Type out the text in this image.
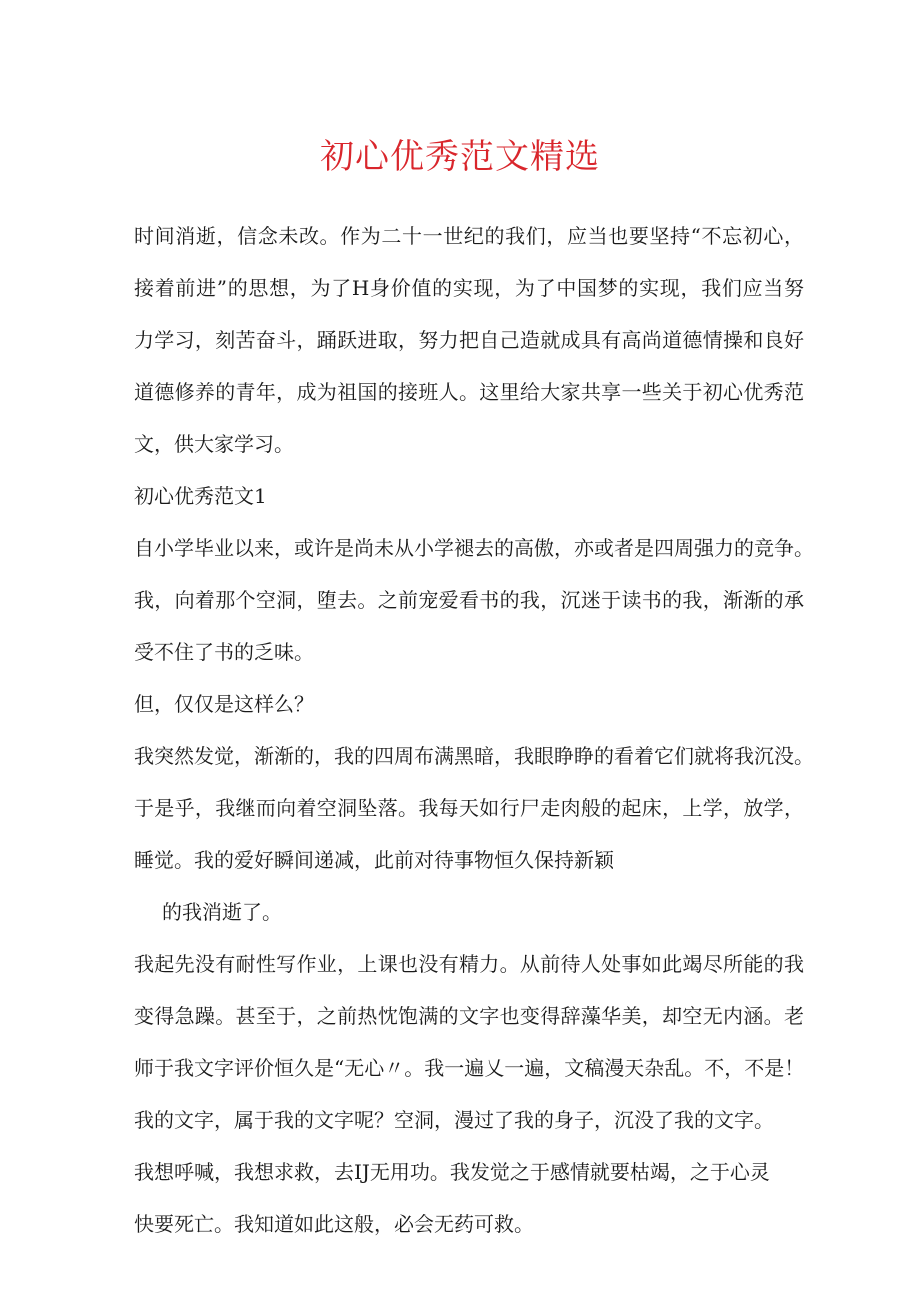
初心优秀范文精选
时间消逝，信念未改。作为二十一世纪的我们，应当也要坚持“不忘初心，
接着前进”的思想，为了H身价值的实现，为了中国梦的实现，我们应当努
力学习，刻苦奋斗，踊跃进取，努力把自己造就成具有高尚道德情操和良好
道德修养的青年，成为祖国的接班人。这里给大家共享一些关于初心优秀范
文，供大家学习。
初心优秀范文1
自小学毕业以来，或许是尚未从小学褪去的高傲，亦或者是四周强力的竞争。
我，向着那个空洞，堕去。之前宠爱看书的我，沉迷于读书的我，渐渐的承
受不住了书的乏味。
但，仅仅是这样么？
我突然发觉，渐渐的，我的四周布满黑暗，我眼睁睁的看着它们就将我沉没。
于是乎，我继而向着空洞坠落。我每天如行尸走肉般的起床，上学，放学，
睡觉。我的爱好瞬间递减，此前对待事物恒久保持新颖
的我消逝了。
我起先没有耐性写作业，上课也没有精力。从前待人处事如此竭尽所能的我
变得急躁。甚至于，之前热忱饱满的文字也变得辞藻华美，却空无内涵。老
师于我文字评价恒久是“无心〃。我一遍乂一遍，文稿漫天杂乱。不，不是！
我的文字，属于我的文字呢？空洞，漫过了我的身子，沉没了我的文字。
我想呼喊，我想求救，去IJ无用功。我发觉之于感情就要枯竭，之于心灵
快要死亡。我知道如此这般，必会无药可救。
